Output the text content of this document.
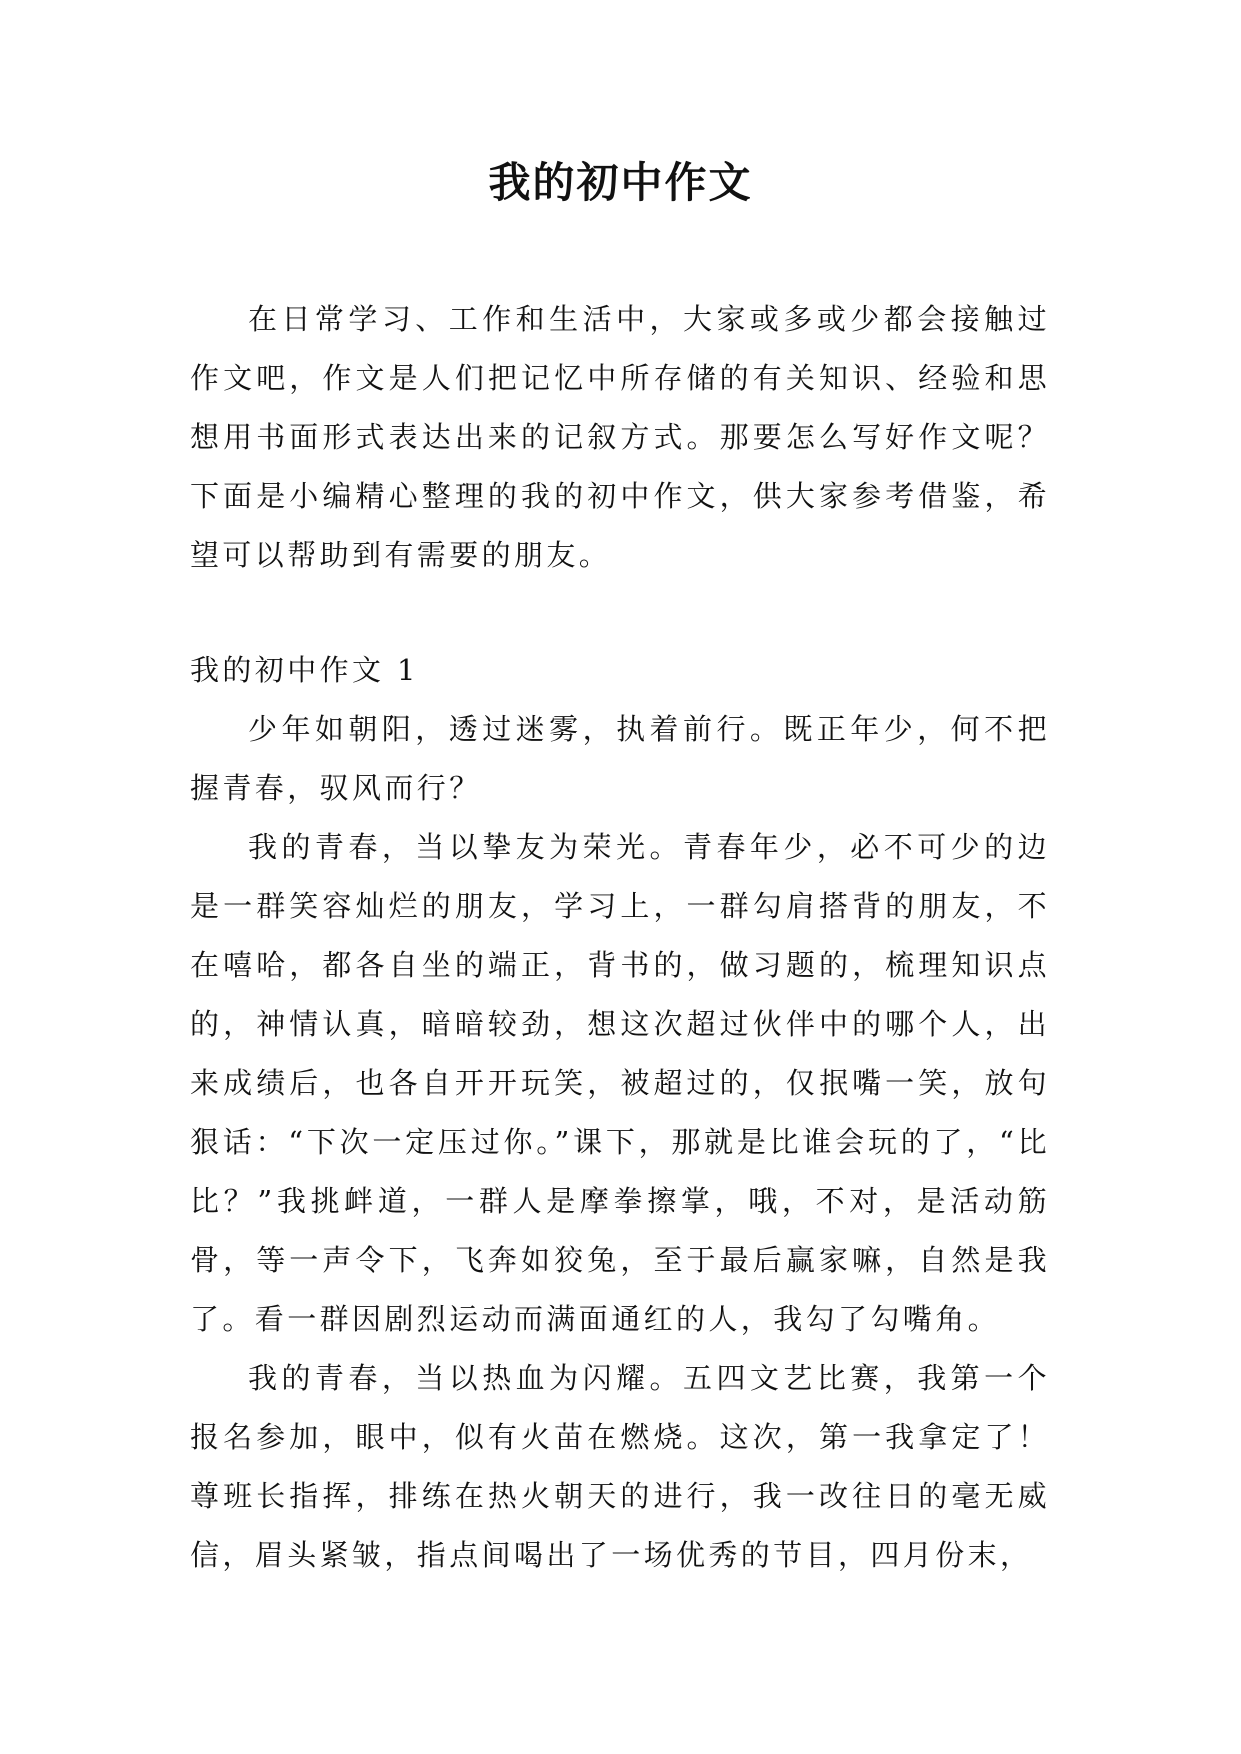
我的初中作文

在日常学习、工作和生活中，大家或多或少都会接触过作文吧，作文是人们把记忆中所存储的有关知识、经验和思想用书面形式表达出来的记叙方式。那要怎么写好作文呢？下面是小编精心整理的我的初中作文，供大家参考借鉴，希望可以帮助到有需要的朋友。

我的初中作文 1

少年如朝阳，透过迷雾，执着前行。既正年少，何不把握青春，驭风而行？

我的青春，当以挚友为荣光。青春年少，必不可少的边是一群笑容灿烂的朋友，学习上，一群勾肩搭背的朋友，不在嘻哈，都各自坐的端正，背书的，做习题的，梳理知识点的，神情认真，暗暗较劲，想这次超过伙伴中的哪个人，出来成绩后，也各自开开玩笑，被超过的，仅抿嘴一笑，放句狠话：“下次一定压过你。”课下，那就是比谁会玩的了，“比比？”我挑衅道，一群人是摩拳擦掌，哦，不对，是活动筋骨，等一声令下，飞奔如狡兔，至于最后赢家嘛，自然是我了。看一群因剧烈运动而满面通红的人，我勾了勾嘴角。

我的青春，当以热血为闪耀。五四文艺比赛，我第一个报名参加，眼中，似有火苗在燃烧。这次，第一我拿定了！尊班长指挥，排练在热火朝天的进行，我一改往日的毫无威信，眉头紧皱，指点间喝出了一场优秀的节目，四月份末，
